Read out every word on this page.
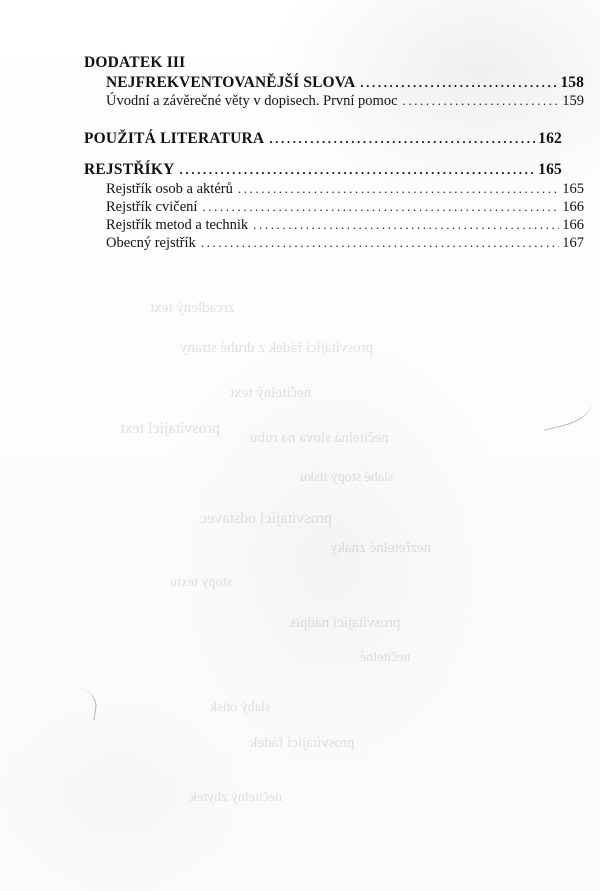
zrcadlený text
prosvítající řádek z druhé strany
nečitelný text
prosvítající text
nečitelná slova na rubu
slabé stopy tisku
prosvítající odstavec
nezřetelné znaky
stopy textu
prosvítající nadpis
nečitelné
slabý otisk
prosvítající řádek
nečitelný zbytek
DODATEK III
NEJFREKVENTOVANĚJŠÍ SLOVA .....	158
Úvodní a závěrečné věty v dopisech. První pomoc .....	159
POUŽITÁ LITERATURA .....	162
REJSTŘÍKY .....	165
Rejstřík osob a aktérů .....	165
Rejstřík cvičení .....	166
Rejstřík metod a technik .....	166
Obecný rejstřík .....	167
